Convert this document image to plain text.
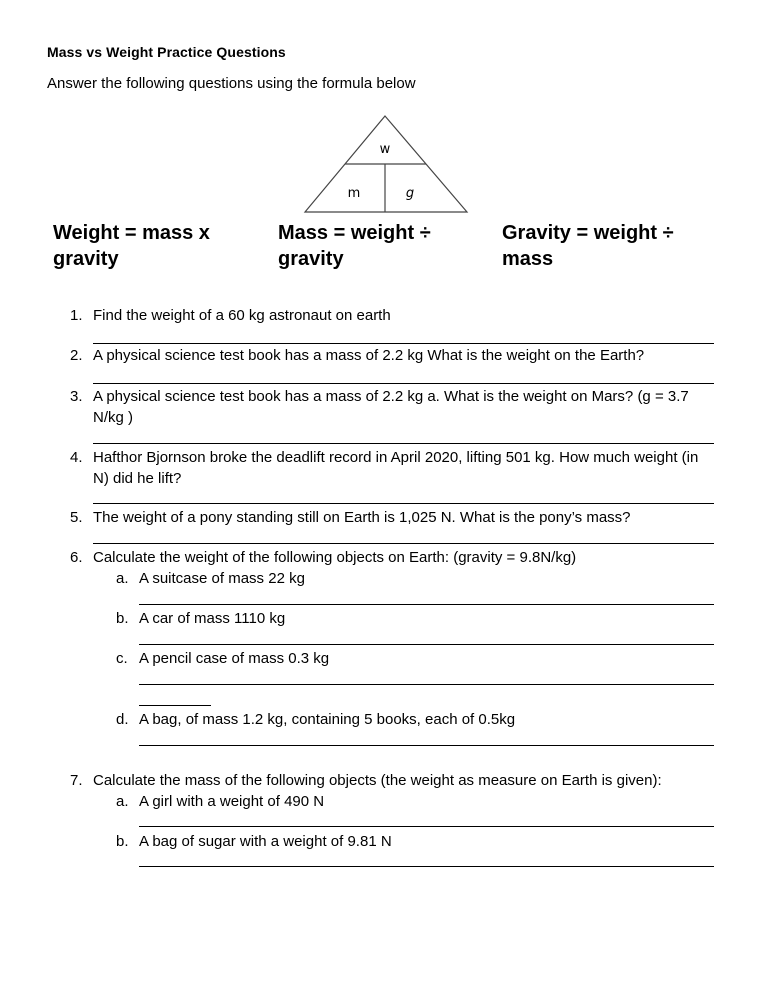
Mass vs Weight Practice Questions
Answer the following questions using the formula below
w
m	g
Weight = mass x gravity
Mass = weight ÷ gravity
Gravity = weight ÷ mass
1. Find the weight of a 60 kg astronaut on earth
2. A physical science test book has a mass of 2.2 kg What is the weight on the Earth?
3. A physical science test book has a mass of 2.2 kg a. What is the weight on Mars? (g = 3.7 N/kg )
4. Hafthor Bjornson broke the deadlift record in April 2020, lifting 501 kg. How much weight (in N) did he lift?
5. The weight of a pony standing still on Earth is 1,025 N. What is the pony’s mass?
6. Calculate the weight of the following objects on Earth: (gravity = 9.8N/kg)
a. A suitcase of mass 22 kg
b. A car of mass 1110 kg
c. A pencil case of mass 0.3 kg
d. A bag, of mass 1.2 kg, containing 5 books, each of 0.5kg
7. Calculate the mass of the following objects (the weight as measure on Earth is given):
a. A girl with a weight of 490 N
b. A bag of sugar with a weight of 9.81 N
